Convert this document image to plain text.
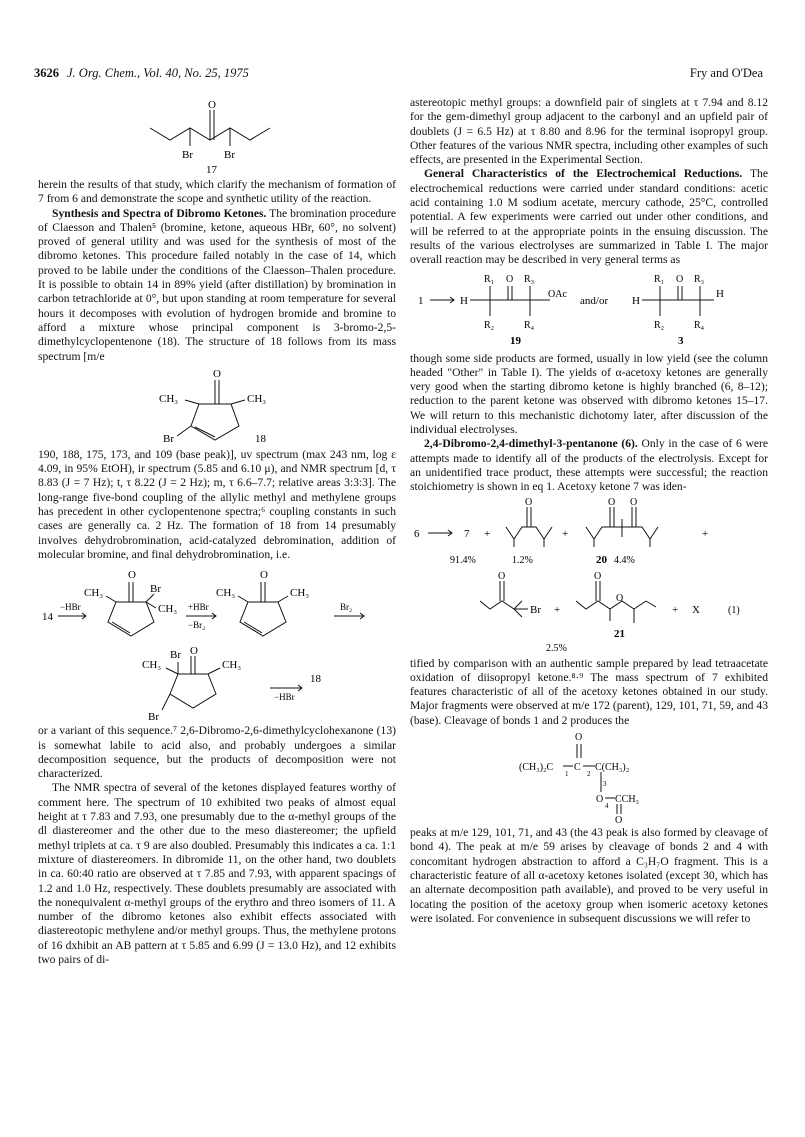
3626 J. Org. Chem., Vol. 40, No. 25, 1975	Fry and O'Dea
O
Br	Br
17

herein the results of that study, which clarify the mechanism of formation of 7 from 6 and demonstrate the scope and synthetic utility of the reaction.

Synthesis and Spectra of Dibromo Ketones. The bromination procedure of Claesson and Thalen⁵ (bromine, ketone, aqueous HBr, 60°, no solvent) proved of general utility and was used for the synthesis of most of the dibromo ketones. This procedure failed notably in the case of 14, which proved to be labile under the conditions of the Claesson–Thalen procedure. It is possible to obtain 14 in 89% yield (after distillation) by bromination in carbon tetrachloride at 0°, but upon standing at room temperature for several hours it decomposes with evolution of hydrogen bromide and bromine to afford a mixture whose principal component is 3-bromo-2,5-dimethylcyclopentenone (18). The structure of 18 follows from its mass spectrum [m/e

O
CH₃	CH₃
Br	18

190, 188, 175, 173, and 109 (base peak)], uv spectrum (max 243 nm, log ε 4.09, in 95% EtOH), ir spectrum (5.85 and 6.10 μ), and NMR spectrum [d, τ 8.83 (J = 7 Hz); t, τ 8.22 (J = 2 Hz); m, τ 6.6–7.7; relative areas 3:3:3]. The long-range five-bond coupling of the allylic methyl and methylene groups has precedent in other cyclopentenone spectra;⁶ coupling constants in such cases are generally ca. 2 Hz. The formation of 18 from 14 presumably involves dehydrobromination, acid-catalyzed debromination, addition of molecular bromine, and final dehydrobromination, i.e.

14
−HBr
O
CH₃	Br
CH₃ +HBr
−Br₂
O
CH₃	CH₃
Br₂
Br O
CH₃	CH₃
Br
−HBr
18

or a variant of this sequence.⁷ 2,6-Dibromo-2,6-dimethylcyclohexanone (13) is somewhat labile to acid also, and probably undergoes a similar decomposition sequence, but the products of decomposition were not characterized.

The NMR spectra of several of the ketones displayed features worthy of comment here. The spectrum of 10 exhibited two peaks of almost equal height at τ 7.83 and 7.93, one presumably due to the α-methyl groups of the dl diastereomer and the other due to the meso diastereomer; the upfield methyl triplets at ca. τ 9 are also doubled. Presumably this indicates a ca. 1:1 mixture of diastereomers. In dibromide 11, on the other hand, two doublets in ca. 60:40 ratio are observed at τ 7.85 and 7.93, with apparent spacings of 1.2 and 1.0 Hz, respectively. These doublets presumably are associated with the nonequivalent α-methyl groups of the erythro and threo isomers of 11. A number of the dibromo ketones also exhibit effects associated with diastereotopic methylene and/or methyl groups. Thus, the methylene protons of 16 dxhibit an AB pattern at τ 5.85 and 6.99 (J = 13.0 Hz), and 12 exhibits two pairs of di-

astereotopic methyl groups: a downfield pair of singlets at τ 7.94 and 8.12 for the gem-dimethyl group adjacent to the carbonyl and an upfield pair of doublets (J = 6.5 Hz) at τ 8.80 and 8.96 for the terminal isopropyl group. Other features of the various NMR spectra, including other examples of such effects, are presented in the Experimental Section.

General Characteristics of the Electrochemical Reductions. The electrochemical reductions were carried under standard conditions: acetic acid containing 1.0 M sodium acetate, mercury cathode, 25°C, controlled potential. A few experiments were carried out under other conditions, and will be referred to at the appropriate points in the ensuing discussion. The results of the various electrolyses are summarized in Table I. The major overall reaction may be described in very general terms as

1	H
R₁ O R₃
R₂	R₄
OAc
19
and/or H
R₁ O R₃
R₂	R₄
H
3

though some side products are formed, usually in low yield (see the column headed "Other" in Table I). The yields of α-acetoxy ketones are generally very good when the starting dibromo ketone is highly branched (6, 8–12); reduction to the parent ketone was observed with dibromo ketones 15–17. We will return to this mechanistic dichotomy later, after discussion of the individual electrolyses.

2,4-Dibromo-2,4-dimethyl-3-pentanone (6). Only in the case of 6 were attempts made to identify all of the products of the electrolysis. Except for an unidentified trace product, these attempts were successful; the reaction stoichiometry is shown in eq 1. Acetoxy ketone 7 was iden-

6	7 +
O
+
O O
+
91.4%	1.2%	20 4.4%
O
Br +
O
O
+ X	(1)
21
2.5%

tified by comparison with an authentic sample prepared by lead tetraacetate oxidation of diisopropyl ketone.⁸·⁹ The mass spectrum of 7 exhibited features characteristic of all of the acetoxy ketones obtained in our study. Major fragments were observed at m/e 172 (parent), 129, 101, 71, 59, and 43 (base). Cleavage of bonds 1 and 2 produces the

O
(CH₃)₂C C C(CH₃)₂
1	2
3
O
4
CCH₃
O

peaks at m/e 129, 101, 71, and 43 (the 43 peak is also formed by cleavage of bond 4). The peak at m/e 59 arises by cleavage of bonds 2 and 4 with concomitant hydrogen abstraction to afford a C₃H₇O fragment. This is a characteristic feature of all α-acetoxy ketones isolated (except 30, which has an alternate decomposition path available), and proved to be very useful in locating the position of the acetoxy group when isomeric acetoxy ketones were isolated. For convenience in subsequent discussions we will refer to
